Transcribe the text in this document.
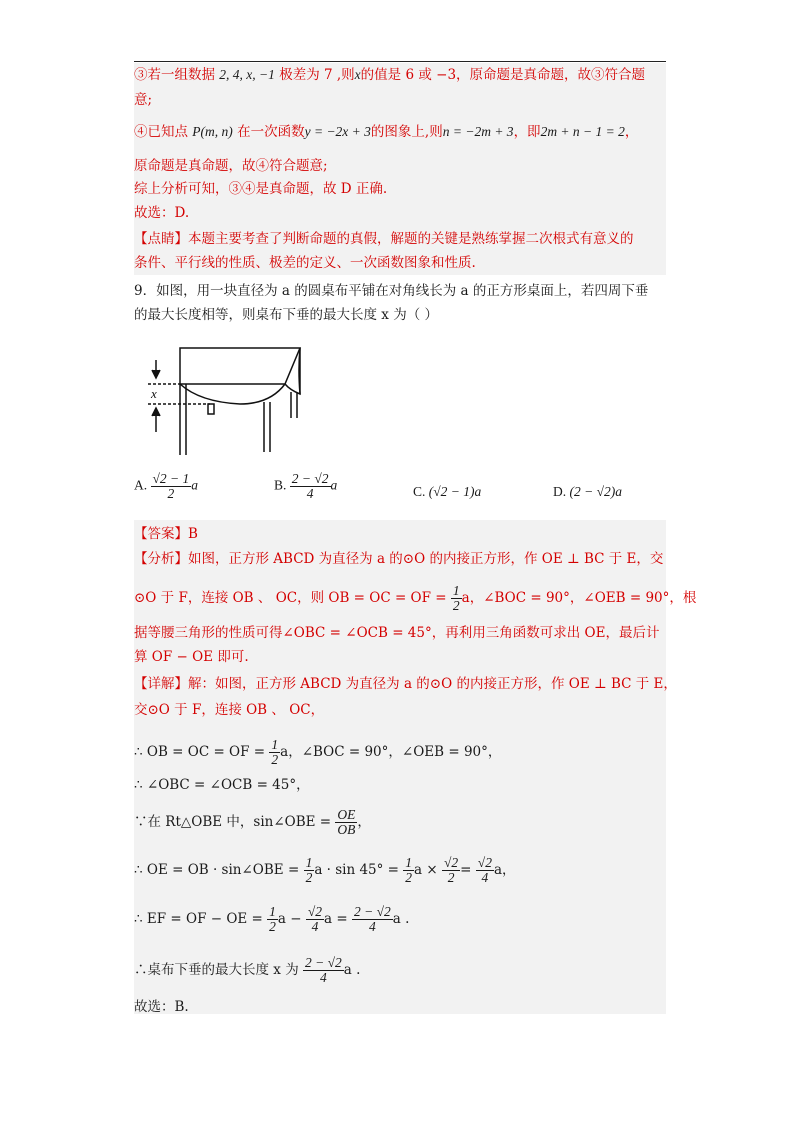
③若一组数据 2, 4, x, −1 极差为 7 ,则x的值是 6 或 −3，原命题是真命题，故③符合题
意;
④已知点 P(m, n) 在一次函数y = −2x + 3的图象上,则n = −2m + 3，即2m + n − 1 = 2，
原命题是真命题，故④符合题意;
综上分析可知，③④是真命题，故 D 正确.
故选：D.
【点睛】本题主要考查了判断命题的真假，解题的关键是熟练掌握二次根式有意义的
条件、平行线的性质、极差的定义、一次函数图象和性质.
9．如图，用一块直径为 a 的圆桌布平铺在对角线长为 a 的正方形桌面上，若四周下垂
的最大长度相等，则桌布下垂的最大长度 x 为（ ）
x
A. $\frac{√2 - 1}{2}$ a	B. $\frac{2 - √2}{4}$ a	C. (√2 − 1)a	D. (2 − √2)a
【答案】B
【分析】如图，正方形 ABCD 为直径为 a 的⊙O 的内接正方形，作 OE ⊥ BC 于 E，交
⊙O 于 F，连接 OB 、 OC，则 OB = OC = OF = $\frac{1}{2}$ a，∠BOC = 90°，∠OEB = 90°，根
据等腰三角形的性质可得∠OBC = ∠OCB = 45°，再利用三角函数可求出 OE，最后计
算 OF − OE 即可.
【详解】解：如图，正方形 ABCD 为直径为 a 的⊙O 的内接正方形，作 OE ⊥ BC 于 E，
交⊙O 于 F，连接 OB 、 OC，
∴ OB = OC = OF = $\frac{1}{2}$ a，∠BOC = 90°，∠OEB = 90°，
∴ ∠OBC = ∠OCB = 45°，
∵在 Rt△OBE 中，sin∠OBE = $\frac{OE}{OB}$ ，
∴ OE = OB · sin∠OBE = $\frac{1}{2}$ $a \cdot \sin 45^\circ = \frac{1}{2}$ $a \times \frac{√2}{2} = \frac{√2}{4}$ a，
∴ EF = OF − OE = $\frac{1}{2}$ $a - \frac{√2}{4}$ $a = \frac{2 - √2}{4}$ a .
∴桌布下垂的最大长度 x 为 $\frac{2 - √2}{4}$ a .
故选：B.
